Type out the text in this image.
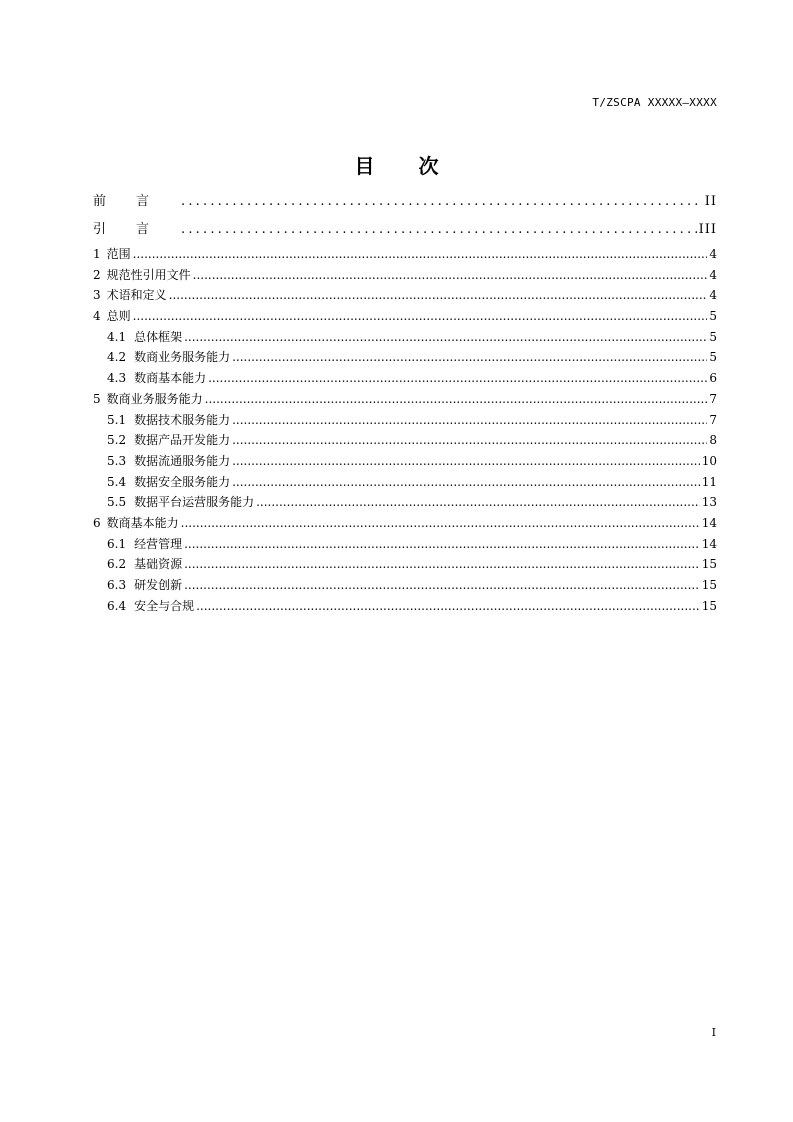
T/ZSCPA XXXXX—XXXX
目 次
前言 .....	II
引言 .....	III
1 范围 .....	4
2 规范性引用文件 .....	4
3 术语和定义 .....	4
4 总则 .....	5
4.1 总体框架 .....	5
4.2 数商业务服务能力 .....	5
4.3 数商基本能力 .....	6
5 数商业务服务能力 .....	7
5.1 数据技术服务能力 .....	7
5.2 数据产品开发能力 .....	8
5.3 数据流通服务能力 .....	10
5.4 数据安全服务能力 .....	11
5.5 数据平台运营服务能力 .....	13
6 数商基本能力 .....	14
6.1 经营管理 .....	14
6.2 基础资源 .....	15
6.3 研发创新 .....	15
6.4 安全与合规 .....	15
I
